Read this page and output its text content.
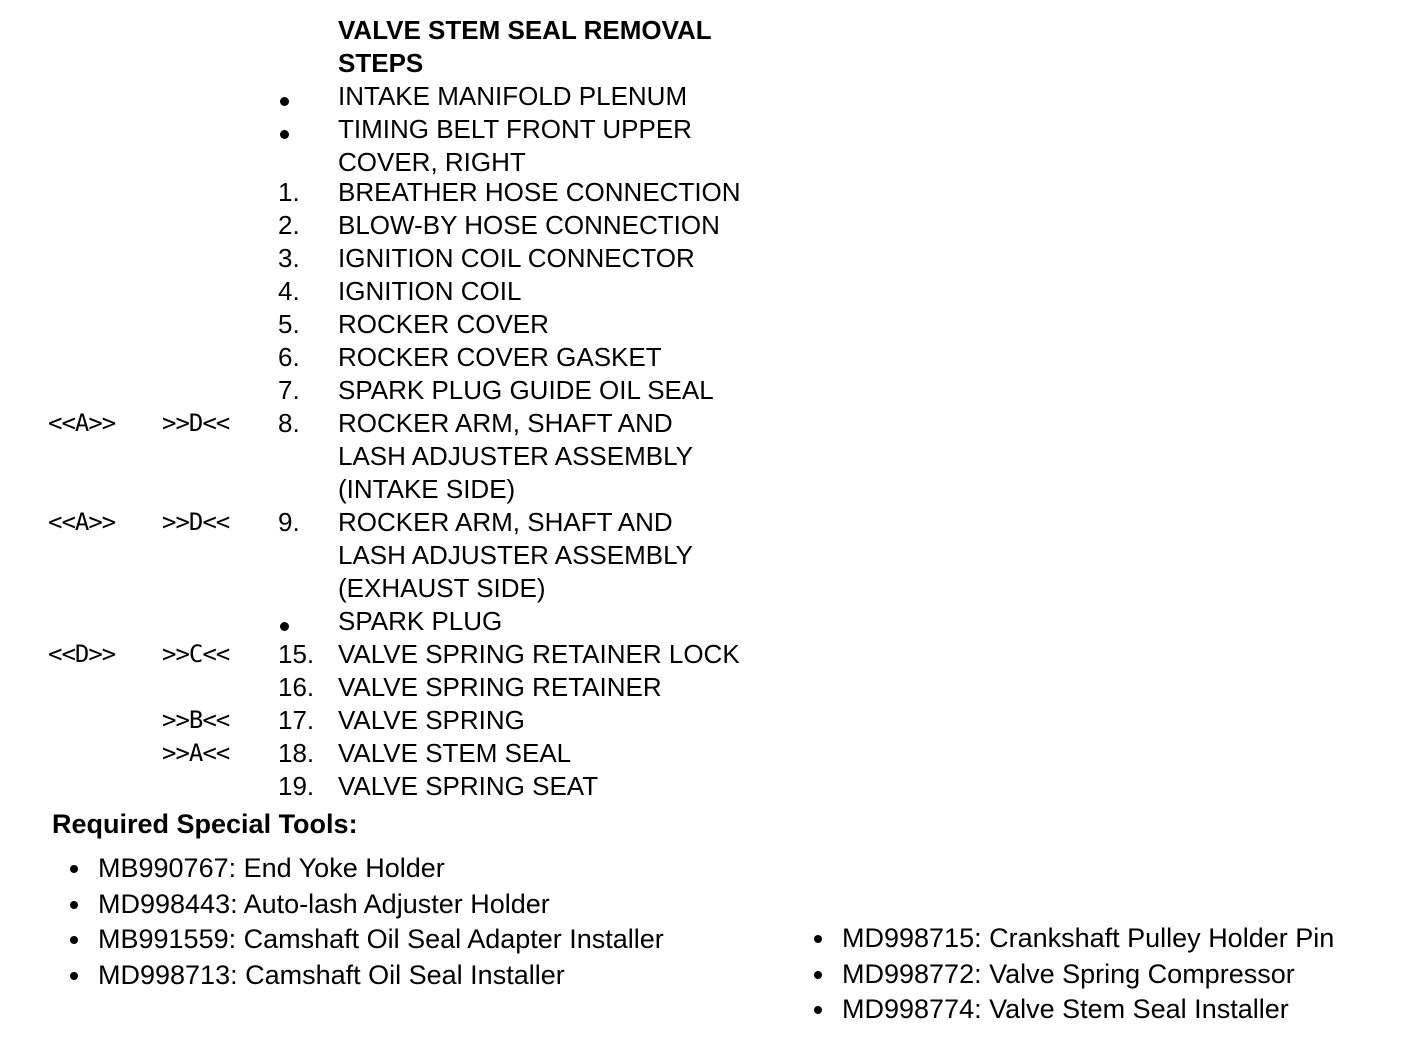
VALVE STEM SEAL REMOVAL STEPS

INTAKE MANIFOLD PLENUM

TIMING BELT FRONT UPPER COVER, RIGHT

1. BREATHER HOSE CONNECTION

2. BLOW-BY HOSE CONNECTION

3. IGNITION COIL CONNECTOR

4. IGNITION COIL

5. ROCKER COVER

6. ROCKER COVER GASKET

7. SPARK PLUG GUIDE OIL SEAL

<<A>> >>D<< 8. ROCKER ARM, SHAFT AND LASH ADJUSTER ASSEMBLY (INTAKE SIDE)

<<A>> >>D<< 9. ROCKER ARM, SHAFT AND LASH ADJUSTER ASSEMBLY (EXHAUST SIDE)

SPARK PLUG

<<D>> >>C<< 15. VALVE SPRING RETAINER LOCK

16. VALVE SPRING RETAINER

>>B<< 17. VALVE SPRING

>>A<< 18. VALVE STEM SEAL

19. VALVE SPRING SEAT

Required Special Tools:
MB990767: End Yoke Holder
MD998443: Auto-lash Adjuster Holder
MB991559: Camshaft Oil Seal Adapter Installer
MD998713: Camshaft Oil Seal Installer
MD998715: Crankshaft Pulley Holder Pin
MD998772: Valve Spring Compressor
MD998774: Valve Stem Seal Installer
